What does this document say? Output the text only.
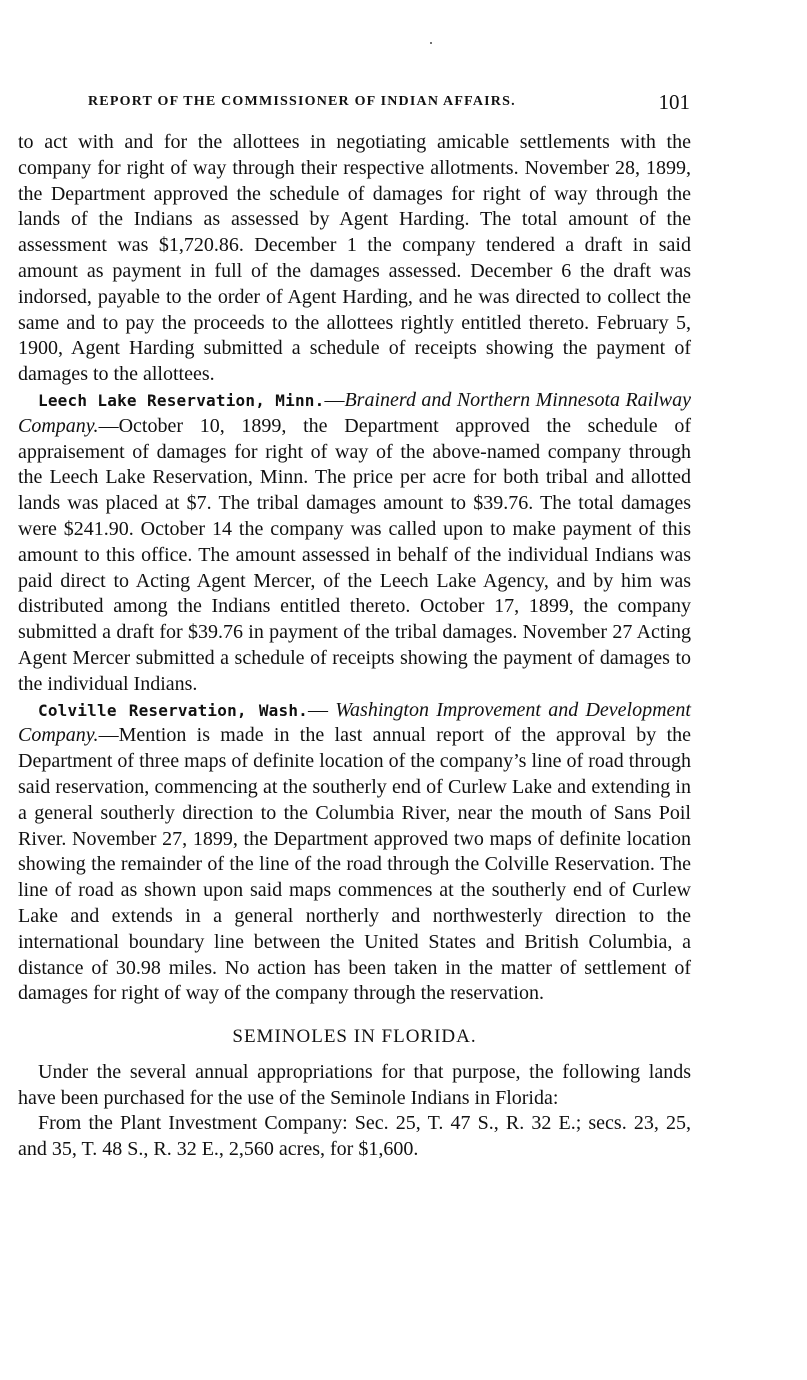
REPORT OF THE COMMISSIONER OF INDIAN AFFAIRS.	101

to act with and for the allottees in negotiating amicable settlements with the company for right of way through their respective allotments. November 28, 1899, the Department approved the schedule of damages for right of way through the lands of the Indians as assessed by Agent Harding. The total amount of the assessment was $1,720.86. December 1 the company tendered a draft in said amount as payment in full of the damages assessed. December 6 the draft was indorsed, payable to the order of Agent Harding, and he was directed to collect the same and to pay the proceeds to the allottees rightly entitled thereto. February 5, 1900, Agent Harding submitted a schedule of receipts showing the payment of damages to the allottees.

Leech Lake Reservation, Minn.—Brainerd and Northern Minnesota Railway Company.—October 10, 1899, the Department approved the schedule of appraisement of damages for right of way of the above-named company through the Leech Lake Reservation, Minn. The price per acre for both tribal and allotted lands was placed at $7. The tribal damages amount to $39.76. The total damages were $241.90. October 14 the company was called upon to make payment of this amount to this office. The amount assessed in behalf of the individual Indians was paid direct to Acting Agent Mercer, of the Leech Lake Agency, and by him was distributed among the Indians entitled thereto. October 17, 1899, the company submitted a draft for $39.76 in payment of the tribal damages. November 27 Acting Agent Mercer submitted a schedule of receipts showing the payment of damages to the individual Indians.

Colville Reservation, Wash.— Washington Improvement and Development Company.—Mention is made in the last annual report of the approval by the Department of three maps of definite location of the company’s line of road through said reservation, commencing at the southerly end of Curlew Lake and extending in a general southerly direction to the Columbia River, near the mouth of Sans Poil River. November 27, 1899, the Department approved two maps of definite location showing the remainder of the line of the road through the Colville Reservation. The line of road as shown upon said maps commences at the southerly end of Curlew Lake and extends in a general northerly and northwesterly direction to the international boundary line between the United States and British Columbia, a distance of 30.98 miles. No action has been taken in the matter of settlement of damages for right of way of the company through the reservation.

SEMINOLES IN FLORIDA.

Under the several annual appropriations for that purpose, the following lands have been purchased for the use of the Seminole Indians in Florida:

From the Plant Investment Company: Sec. 25, T. 47 S., R. 32 E.; secs. 23, 25, and 35, T. 48 S., R. 32 E., 2,560 acres, for $1,600.
